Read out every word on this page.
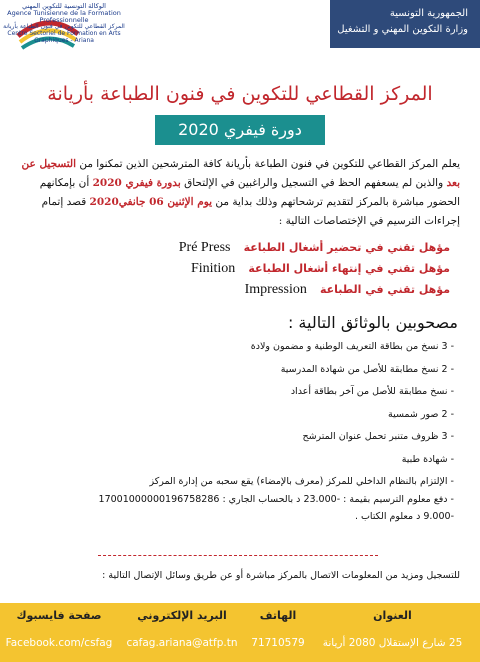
الوكالة التونسية للتكوين المهني
Agence Tunisienne de la Formation
Professionnelle
المركز القطاعي للتكوين في فنون الطباعة بأريانة
Centre Sectoriel de Formation en Arts
Graphiques - Ariana
الجمهورية التونسية
وزارة التكوين المهني و التشغيل
المركز القطاعي للتكوين في فنون الطباعة بأريانة
دورة فيفري 2020
يعلم المركز القطاعي للتكوين في فنون الطباعة بأريانة كافة المترشحين الذين تمكنوا من التسجيل عن بعد والذين لم يسعفهم الحظ في التسجيل والراغبين في الإلتحاق بدورة فيفري 2020 أن بإمكانهم الحضور مباشرة بالمركز لتقديم ترشحاتهم وذلك بداية من يوم الإثنين 06 جانفي2020 قصد إتمام إجراءات الترسيم في الإختصاصات التالية :
مؤهل تقني في تحضير أشغال الطباعة Pré Press
مؤهل تقني في إنتهاء أشغال الطباعة Finition
مؤهل تقني في الطباعة Impression
مصحوبين بالوثائق التالية :
- 3 نسخ من بطاقة التعريف الوطنية و مضمون ولادة
- 2 نسخ مطابقة للأصل من شهادة المدرسية
- نسخ مطابقة للأصل من آخر بطاقة أعداد
- 2 صور شمسية
- 3 ظروف متنبر تحمل عنوان المترشح
- شهادة طبية
- الإلتزام بالنظام الداخلي للمركز (معرف بالإمضاء) يقع سحبه من إدارة المركز
- دفع معلوم الترسيم بقيمة : -23.000 د بالحساب الجاري : 17001000000196758286
-9.000 د معلوم الكتاب .
للتسجيل ومزيد من المعلومات الاتصال بالمركز مباشرة أو عن طريق وسائل الإتصال التالية :
العنوان
25 شارع الإستقلال 2080 أريانة
الهاتف
71710579
البريد الإلكتروني
cafag.ariana@atfp.tn
صفحة فايسبوك
Facebook.com/csfag
